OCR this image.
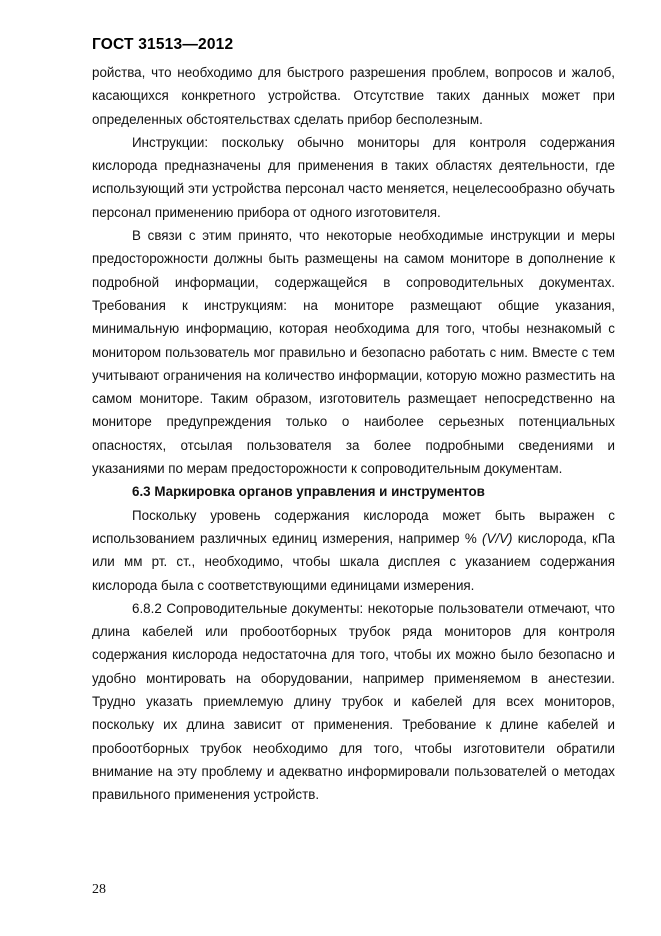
ГОСТ 31513—2012

ройства, что необходимо для быстрого разрешения проблем, вопросов и жалоб, касающихся конкретного устройства. Отсутствие таких данных может при определенных обстоятельствах сделать прибор бесполезным.

Инструкции: поскольку обычно мониторы для контроля содержания кислорода предназначены для применения в таких областях деятельности, где использующий эти устройства персонал часто меняется, нецелесообразно обучать персонал применению прибора от одного изготовителя.

В связи с этим принято, что некоторые необходимые инструкции и меры предосторожности должны быть размещены на самом мониторе в дополнение к подробной информации, содержащейся в сопроводительных документах. Требования к инструкциям: на мониторе размещают общие указания, минимальную информацию, которая необходима для того, чтобы незнакомый с монитором пользователь мог правильно и безопасно работать с ним. Вместе с тем учитывают ограничения на количество информации, которую можно разместить на самом мониторе. Таким образом, изготовитель размещает непосредственно на мониторе предупреждения только о наиболее серьезных потенциальных опасностях, отсылая пользователя за более подробными сведениями и указаниями по мерам предосторожности к сопроводительным документам.

6.3 Маркировка органов управления и инструментов

Поскольку уровень содержания кислорода может быть выражен с использованием различных единиц измерения, например % (V/V) кислорода, кПа или мм рт. ст., необходимо, чтобы шкала дисплея с указанием содержания кислорода была с соответствующими единицами измерения.

6.8.2 Сопроводительные документы: некоторые пользователи отмечают, что длина кабелей или пробоотборных трубок ряда мониторов для контроля содержания кислорода недостаточна для того, чтобы их можно было безопасно и удобно монтировать на оборудовании, например применяемом в анестезии. Трудно указать приемлемую длину трубок и кабелей для всех мониторов, поскольку их длина зависит от применения. Требование к длине кабелей и пробоотборных трубок необходимо для того, чтобы изготовители обратили внимание на эту проблему и адекватно информировали пользователей о методах правильного применения устройств.

28
